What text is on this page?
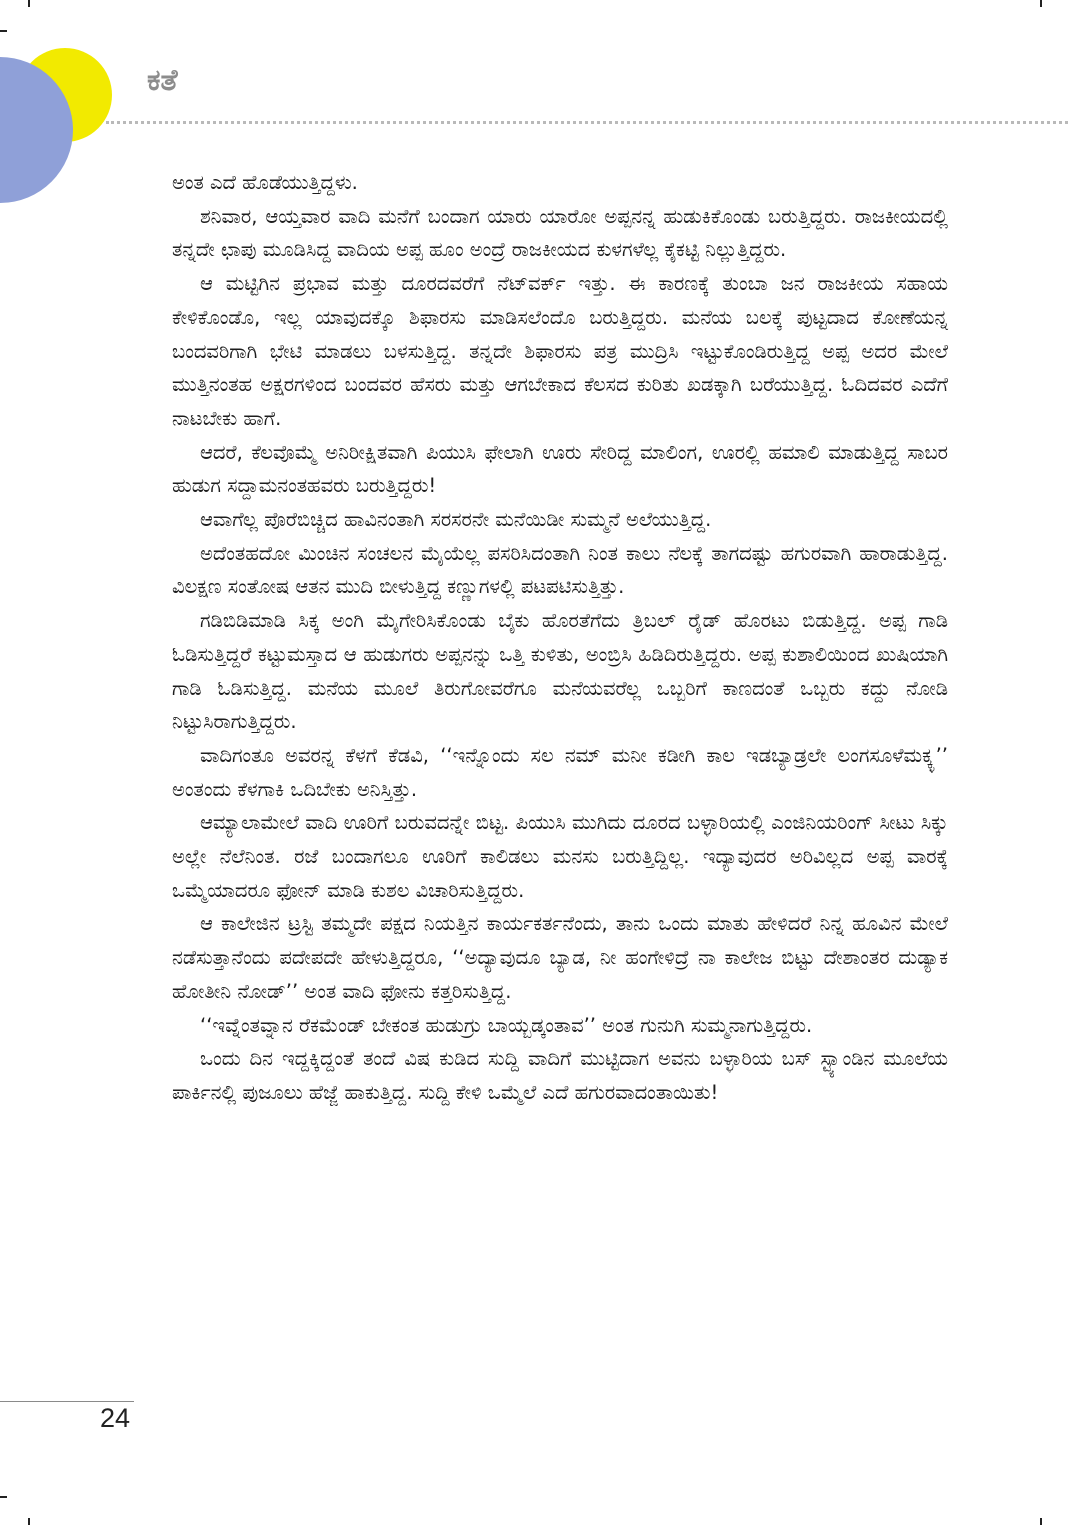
ಕತೆ

ಅಂತ ಎದೆ ಹೊಡೆಯುತ್ತಿದ್ದಳು.

ಶನಿವಾರ, ಆಯ್ತವಾರ ವಾದಿ ಮನೆಗೆ ಬಂದಾಗ ಯಾರು ಯಾರೋ ಅಪ್ಪನನ್ನ ಹುಡುಕಿಕೊಂಡು ಬರುತ್ತಿದ್ದರು. ರಾಜಕೀಯದಲ್ಲಿ ತನ್ನದೇ ಛಾಪು ಮೂಡಿಸಿದ್ದ ವಾದಿಯ ಅಪ್ಪ ಹೂಂ ಅಂದ್ರೆ ರಾಜಕೀಯದ ಕುಳಗಳೆಲ್ಲ ಕೈಕಟ್ಟಿ ನಿಲ್ಲುತ್ತಿದ್ದರು.

ಆ ಮಟ್ಟಿಗಿನ ಪ್ರಭಾವ ಮತ್ತು ದೂರದವರೆಗೆ ನೆಟ್‌ವರ್ಕ್ ಇತ್ತು. ಈ ಕಾರಣಕ್ಕೆ ತುಂಬಾ ಜನ ರಾಜಕೀಯ ಸಹಾಯ ಕೇಳಿಕೊಂಡೊ, ಇಲ್ಲ ಯಾವುದಕ್ಕೊ ಶಿಫಾರಸು ಮಾಡಿಸಲೆಂದೊ ಬರುತ್ತಿದ್ದರು. ಮನೆಯ ಬಲಕ್ಕೆ ಪುಟ್ಟದಾದ ಕೋಣೆಯನ್ನ ಬಂದವರಿಗಾಗಿ ಭೇಟಿ ಮಾಡಲು ಬಳಸುತ್ತಿದ್ದ. ತನ್ನದೇ ಶಿಫಾರಸು ಪತ್ರ ಮುದ್ರಿಸಿ ಇಟ್ಟುಕೊಂಡಿರುತ್ತಿದ್ದ ಅಪ್ಪ ಅದರ ಮೇಲೆ ಮುತ್ತಿನಂತಹ ಅಕ್ಷರಗಳಿಂದ ಬಂದವರ ಹೆಸರು ಮತ್ತು ಆಗಬೇಕಾದ ಕೆಲಸದ ಕುರಿತು ಖಡಕ್ಕಾಗಿ ಬರೆಯುತ್ತಿದ್ದ. ಓದಿದವರ ಎದೆಗೆ ನಾಟಬೇಕು ಹಾಗೆ.

ಆದರೆ, ಕೆಲವೊಮ್ಮೆ ಅನಿರೀಕ್ಷಿತವಾಗಿ ಪಿಯುಸಿ ಫೇಲಾಗಿ ಊರು ಸೇರಿದ್ದ ಮಾಲಿಂಗ, ಊರಲ್ಲಿ ಹಮಾಲಿ ಮಾಡುತ್ತಿದ್ದ ಸಾಬರ ಹುಡುಗ ಸದ್ದಾಮನಂತಹವರು ಬರುತ್ತಿದ್ದರು!

ಆವಾಗೆಲ್ಲ ಪೊರೆಬಿಚ್ಚಿದ ಹಾವಿನಂತಾಗಿ ಸರಸರನೇ ಮನೆಯಿಡೀ ಸುಮ್ಮನೆ ಅಲೆಯುತ್ತಿದ್ದ.

ಅದೆಂತಹದೋ ಮಿಂಚಿನ ಸಂಚಲನ ಮೈಯೆಲ್ಲ ಪಸರಿಸಿದಂತಾಗಿ ನಿಂತ ಕಾಲು ನೆಲಕ್ಕೆ ತಾಗದಷ್ಟು ಹಗುರವಾಗಿ ಹಾರಾಡುತ್ತಿದ್ದ. ವಿಲಕ್ಷಣ ಸಂತೋಷ ಆತನ ಮುದಿ ಬೀಳುತ್ತಿದ್ದ ಕಣ್ಣುಗಳಲ್ಲಿ ಪಟಪಟಿಸುತ್ತಿತ್ತು.

ಗಡಿಬಿಡಿಮಾಡಿ ಸಿಕ್ಕ ಅಂಗಿ ಮೈಗೇರಿಸಿಕೊಂಡು ಬೈಕು ಹೊರತೆಗೆದು ತ್ರಿಬಲ್ ರೈಡ್ ಹೊರಟು ಬಿಡುತ್ತಿದ್ದ. ಅಪ್ಪ ಗಾಡಿ ಓಡಿಸುತ್ತಿದ್ದರೆ ಕಟ್ಟುಮಸ್ತಾದ ಆ ಹುಡುಗರು ಅಪ್ಪನನ್ನು ಒತ್ತಿ ಕುಳಿತು, ಅಂಬ್ರಿಸಿ ಹಿಡಿದಿರುತ್ತಿದ್ದರು. ಅಪ್ಪ ಕುಶಾಲಿಯಿಂದ ಖುಷಿಯಾಗಿ ಗಾಡಿ ಓಡಿಸುತ್ತಿದ್ದ. ಮನೆಯ ಮೂಲೆ ತಿರುಗೋವರೆಗೂ ಮನೆಯವರೆಲ್ಲ ಒಬ್ಬರಿಗೆ ಕಾಣದಂತೆ ಒಬ್ಬರು ಕದ್ದು ನೋಡಿ ನಿಟ್ಟುಸಿರಾಗುತ್ತಿದ್ದರು.

ವಾದಿಗಂತೂ ಅವರನ್ನ ಕೆಳಗೆ ಕೆಡವಿ, ‘‘ಇನ್ನೊಂದು ಸಲ ನಮ್ ಮನೀ ಕಡೀಗಿ ಕಾಲ ಇಡಬ್ಯಾಡ್ರಲೇ ಲಂಗಸೂಳೆಮಕ್ಕ್ಳ’’ ಅಂತಂದು ಕೆಳಗಾಕಿ ಒದಿಬೇಕು ಅನಿಸ್ತಿತ್ತು.

ಆಮ್ಯಾಲಾಮೇಲೆ ವಾದಿ ಊರಿಗೆ ಬರುವದನ್ನೇ ಬಿಟ್ಟ. ಪಿಯುಸಿ ಮುಗಿದು ದೂರದ ಬಳ್ಳಾರಿಯಲ್ಲಿ ಎಂಜಿನಿಯರಿಂಗ್ ಸೀಟು ಸಿಕ್ಕು ಅಲ್ಲೇ ನೆಲೆನಿಂತ. ರಜೆ ಬಂದಾಗಲೂ ಊರಿಗೆ ಕಾಲಿಡಲು ಮನಸು ಬರುತ್ತಿದ್ದಿಲ್ಲ. ಇದ್ಯಾವುದರ ಅರಿವಿಲ್ಲದ ಅಪ್ಪ ವಾರಕ್ಕೆ ಒಮ್ಮೆಯಾದರೂ ಫೋನ್ ಮಾಡಿ ಕುಶಲ ವಿಚಾರಿಸುತ್ತಿದ್ದರು.

ಆ ಕಾಲೇಜಿನ ಟ್ರಸ್ಟಿ ತಮ್ಮದೇ ಪಕ್ಷದ ನಿಯತ್ತಿನ ಕಾರ್ಯಕರ್ತನೆಂದು, ತಾನು ಒಂದು ಮಾತು ಹೇಳಿದರೆ ನಿನ್ನ ಹೂವಿನ ಮೇಲೆ ನಡೆಸುತ್ತಾನೆಂದು ಪದೇಪದೇ ಹೇಳುತ್ತಿದ್ದರೂ, ‘‘ಅದ್ಯಾವುದೂ ಬ್ಯಾಡ, ನೀ ಹಂಗೇಳಿದ್ರೆ ನಾ ಕಾಲೇಜ ಬಿಟ್ಟು ದೇಶಾಂತರ ದುಡ್ಯಾಕ ಹೋತೀನಿ ನೋಡ್’’ ಅಂತ ವಾದಿ ಫೋನು ಕತ್ತರಿಸುತ್ತಿದ್ದ.

‘‘ಇವ್ನೆಂತವ್ನಾನ ರೆಕಮೆಂಡ್ ಬೇಕಂತ ಹುಡುಗ್ರು ಬಾಯ್ಬಡ್ಕಂತಾವ’’ ಅಂತ ಗುನುಗಿ ಸುಮ್ಮನಾಗುತ್ತಿದ್ದರು.

ಒಂದು ದಿನ ಇದ್ದಕ್ಕಿದ್ದಂತೆ ತಂದೆ ವಿಷ ಕುಡಿದ ಸುದ್ದಿ ವಾದಿಗೆ ಮುಟ್ಟಿದಾಗ ಅವನು ಬಳ್ಳಾರಿಯ ಬಸ್ ಸ್ಟ್ಯಾಂಡಿನ ಮೂಲೆಯ ಪಾರ್ಕಿನಲ್ಲಿ ಪುಜೂಲು ಹೆಜ್ಜೆ ಹಾಕುತ್ತಿದ್ದ. ಸುದ್ದಿ ಕೇಳಿ ಒಮ್ಮೆಲೆ ಎದೆ ಹಗುರವಾದಂತಾಯಿತು!

24
